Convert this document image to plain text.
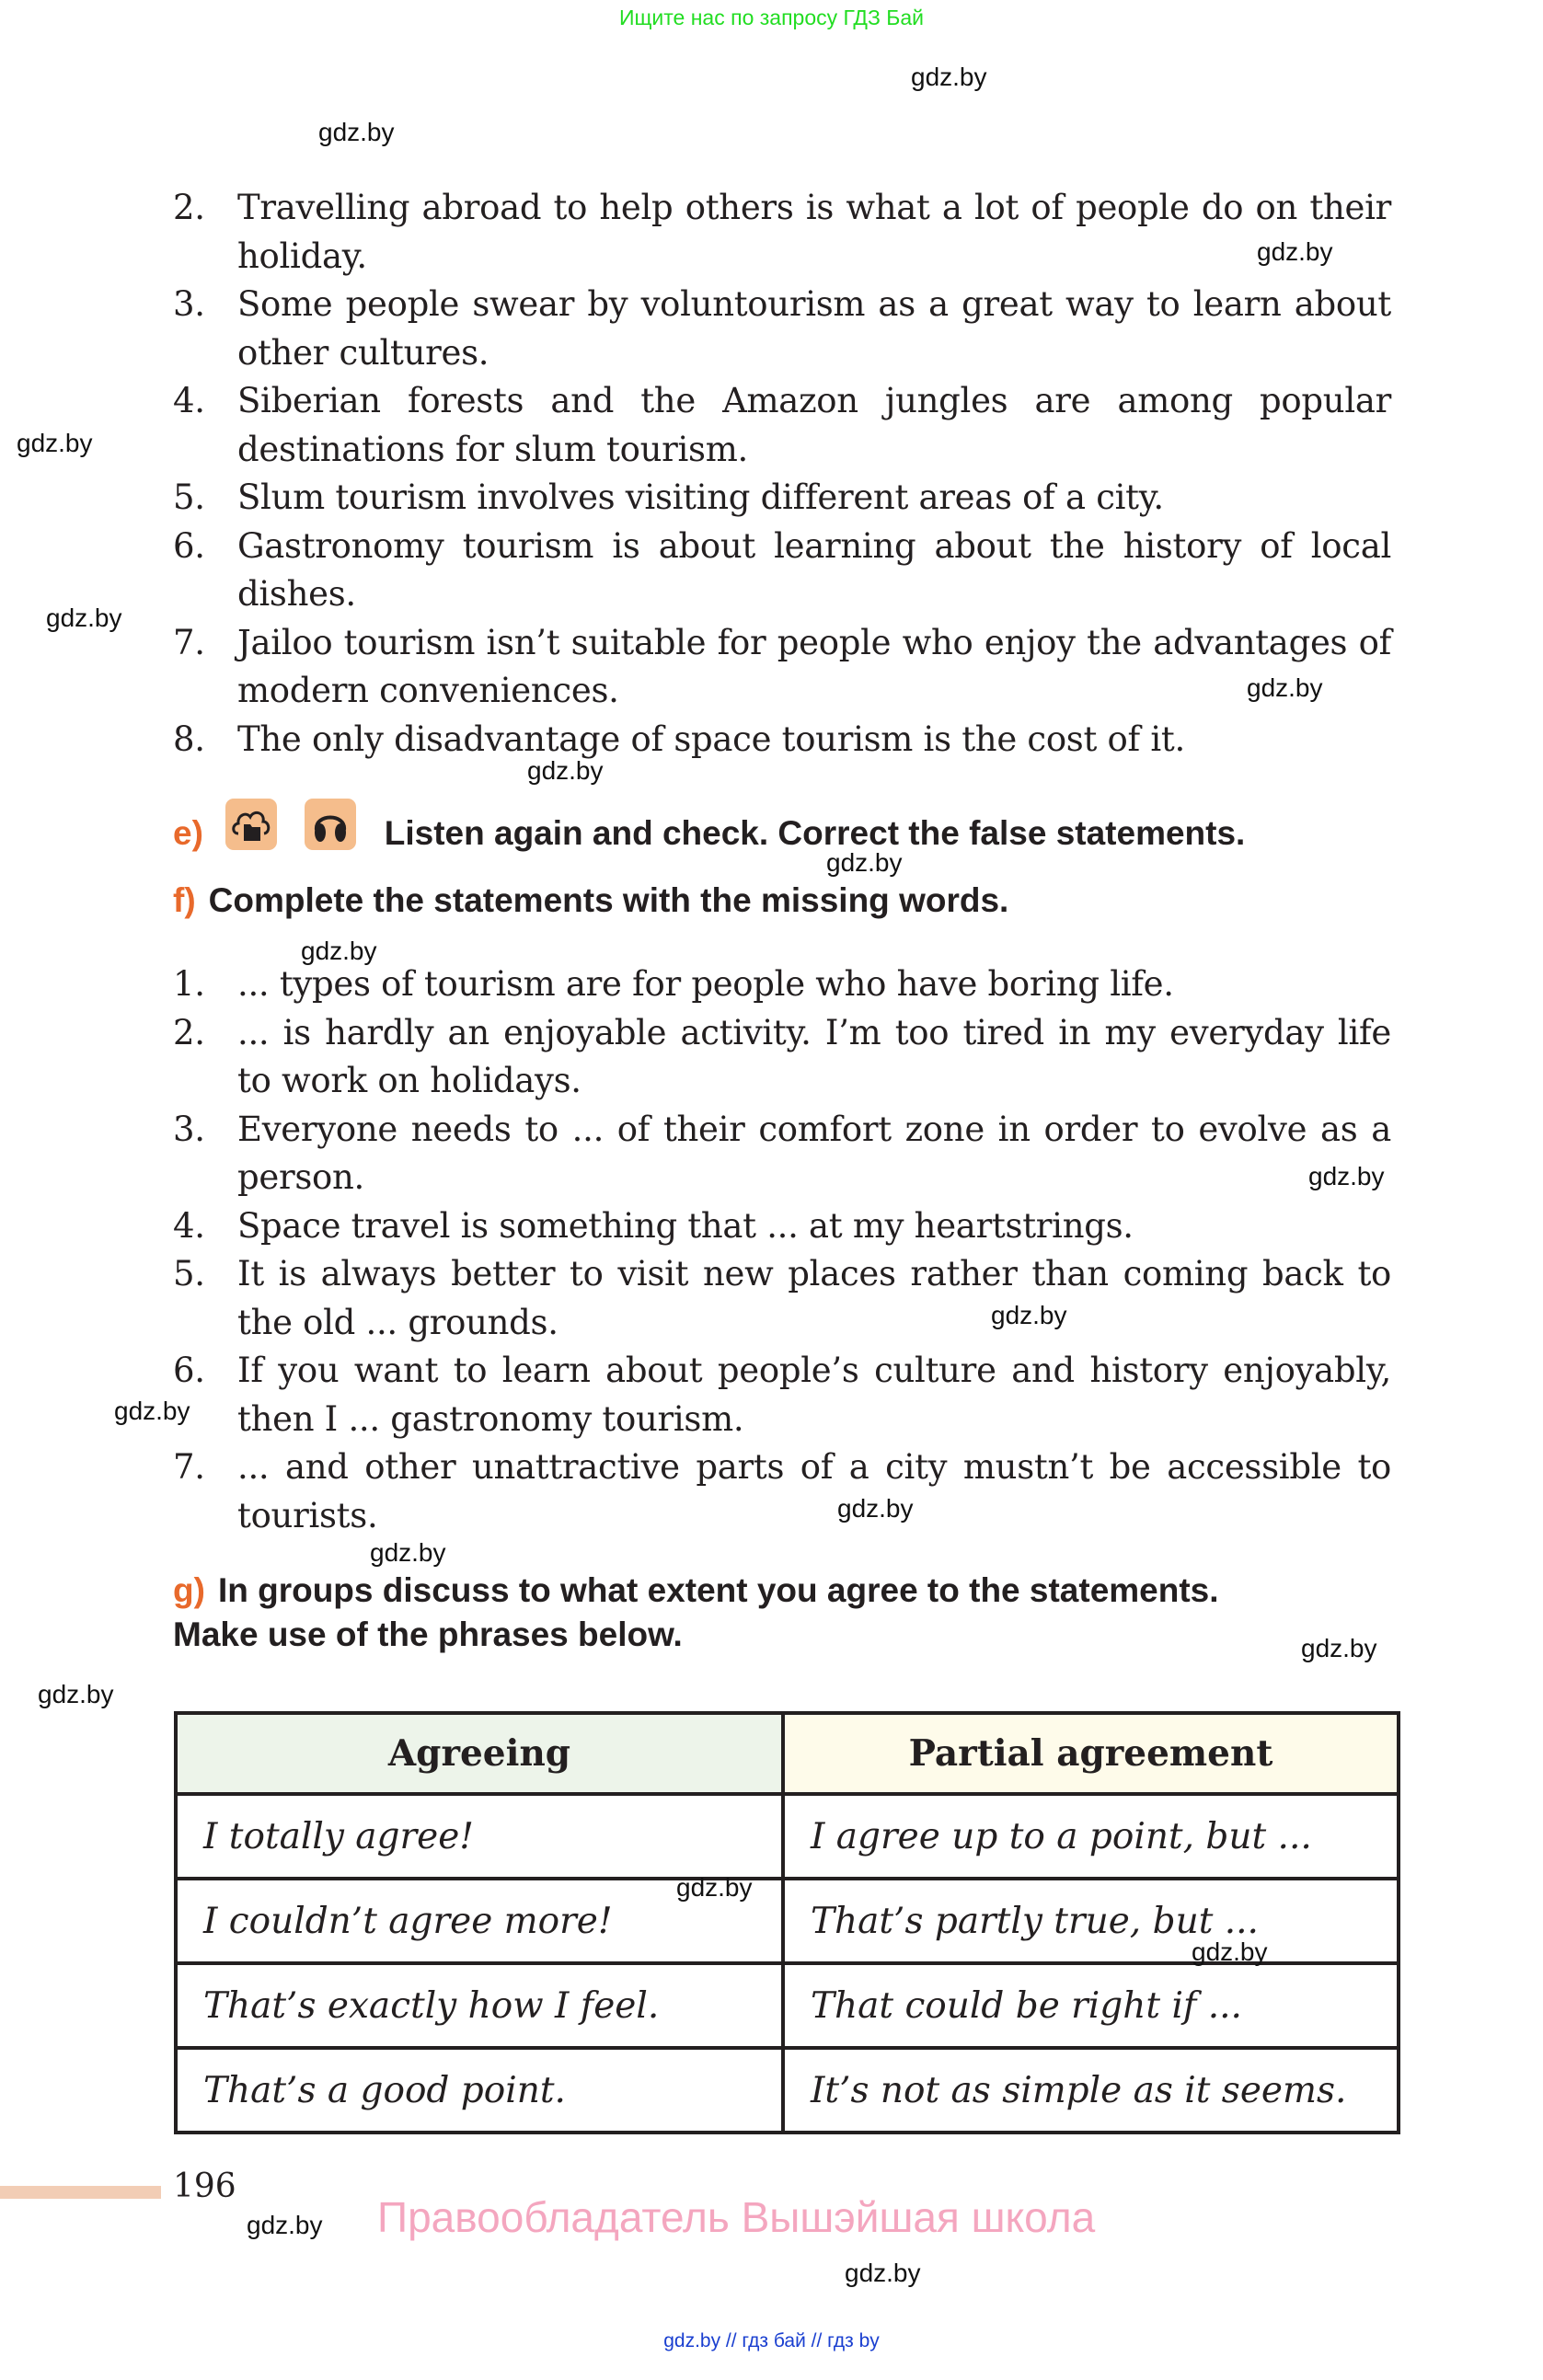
Ищите нас по запросу ГДЗ Бай
gdz.by
gdz.by
gdz.by
gdz.by
gdz.by
gdz.by
gdz.by
gdz.by
gdz.by
gdz.by
gdz.by
gdz.by
gdz.by
gdz.by
gdz.by
gdz.by
gdz.by
gdz.by
gdz.by
gdz.by
2. Travelling abroad to help others is what a lot of people do on their holiday.
3. Some people swear by voluntourism as a great way to learn about other cultures.
4. Siberian forests and the Amazon jungles are among popular destinations for slum tourism.
5. Slum tourism involves visiting different areas of a city.
6. Gastronomy tourism is about learning about the history of local dishes.
7. Jailoo tourism isn’t suitable for people who enjoy the advantages of modern conveniences.
8. The only disadvantage of space tourism is the cost of it.
e)
	Listen again and check. Correct the false statements.
f) Complete the statements with the missing words.
1. ... types of tourism are for people who have boring life.
2. ... is hardly an enjoyable activity. I’m too tired in my everyday life to work on holidays.
3. Everyone needs to ... of their comfort zone in order to evolve as a person.
4. Space travel is something that ... at my heartstrings.
5. It is always better to visit new places rather than coming back to the old ... grounds.
6. If you want to learn about people’s culture and history enjoyably, then I ... gastronomy tourism.
7. ... and other unattractive parts of a city mustn’t be accessible to tourists.
g) In groups discuss to what extent you agree to the statements.
Make use of the phrases below.
Agreeing	Partial agreement
I totally agree!	I agree up to a point, but ...
I couldn’t agree more!	That’s partly true, but ...
That’s exactly how I feel.	That could be right if ...
That’s a good point.	It’s not as simple as it seems.
196
Правообладатель Вышэйшая школа
gdz.by // гдз бай // гдз by
